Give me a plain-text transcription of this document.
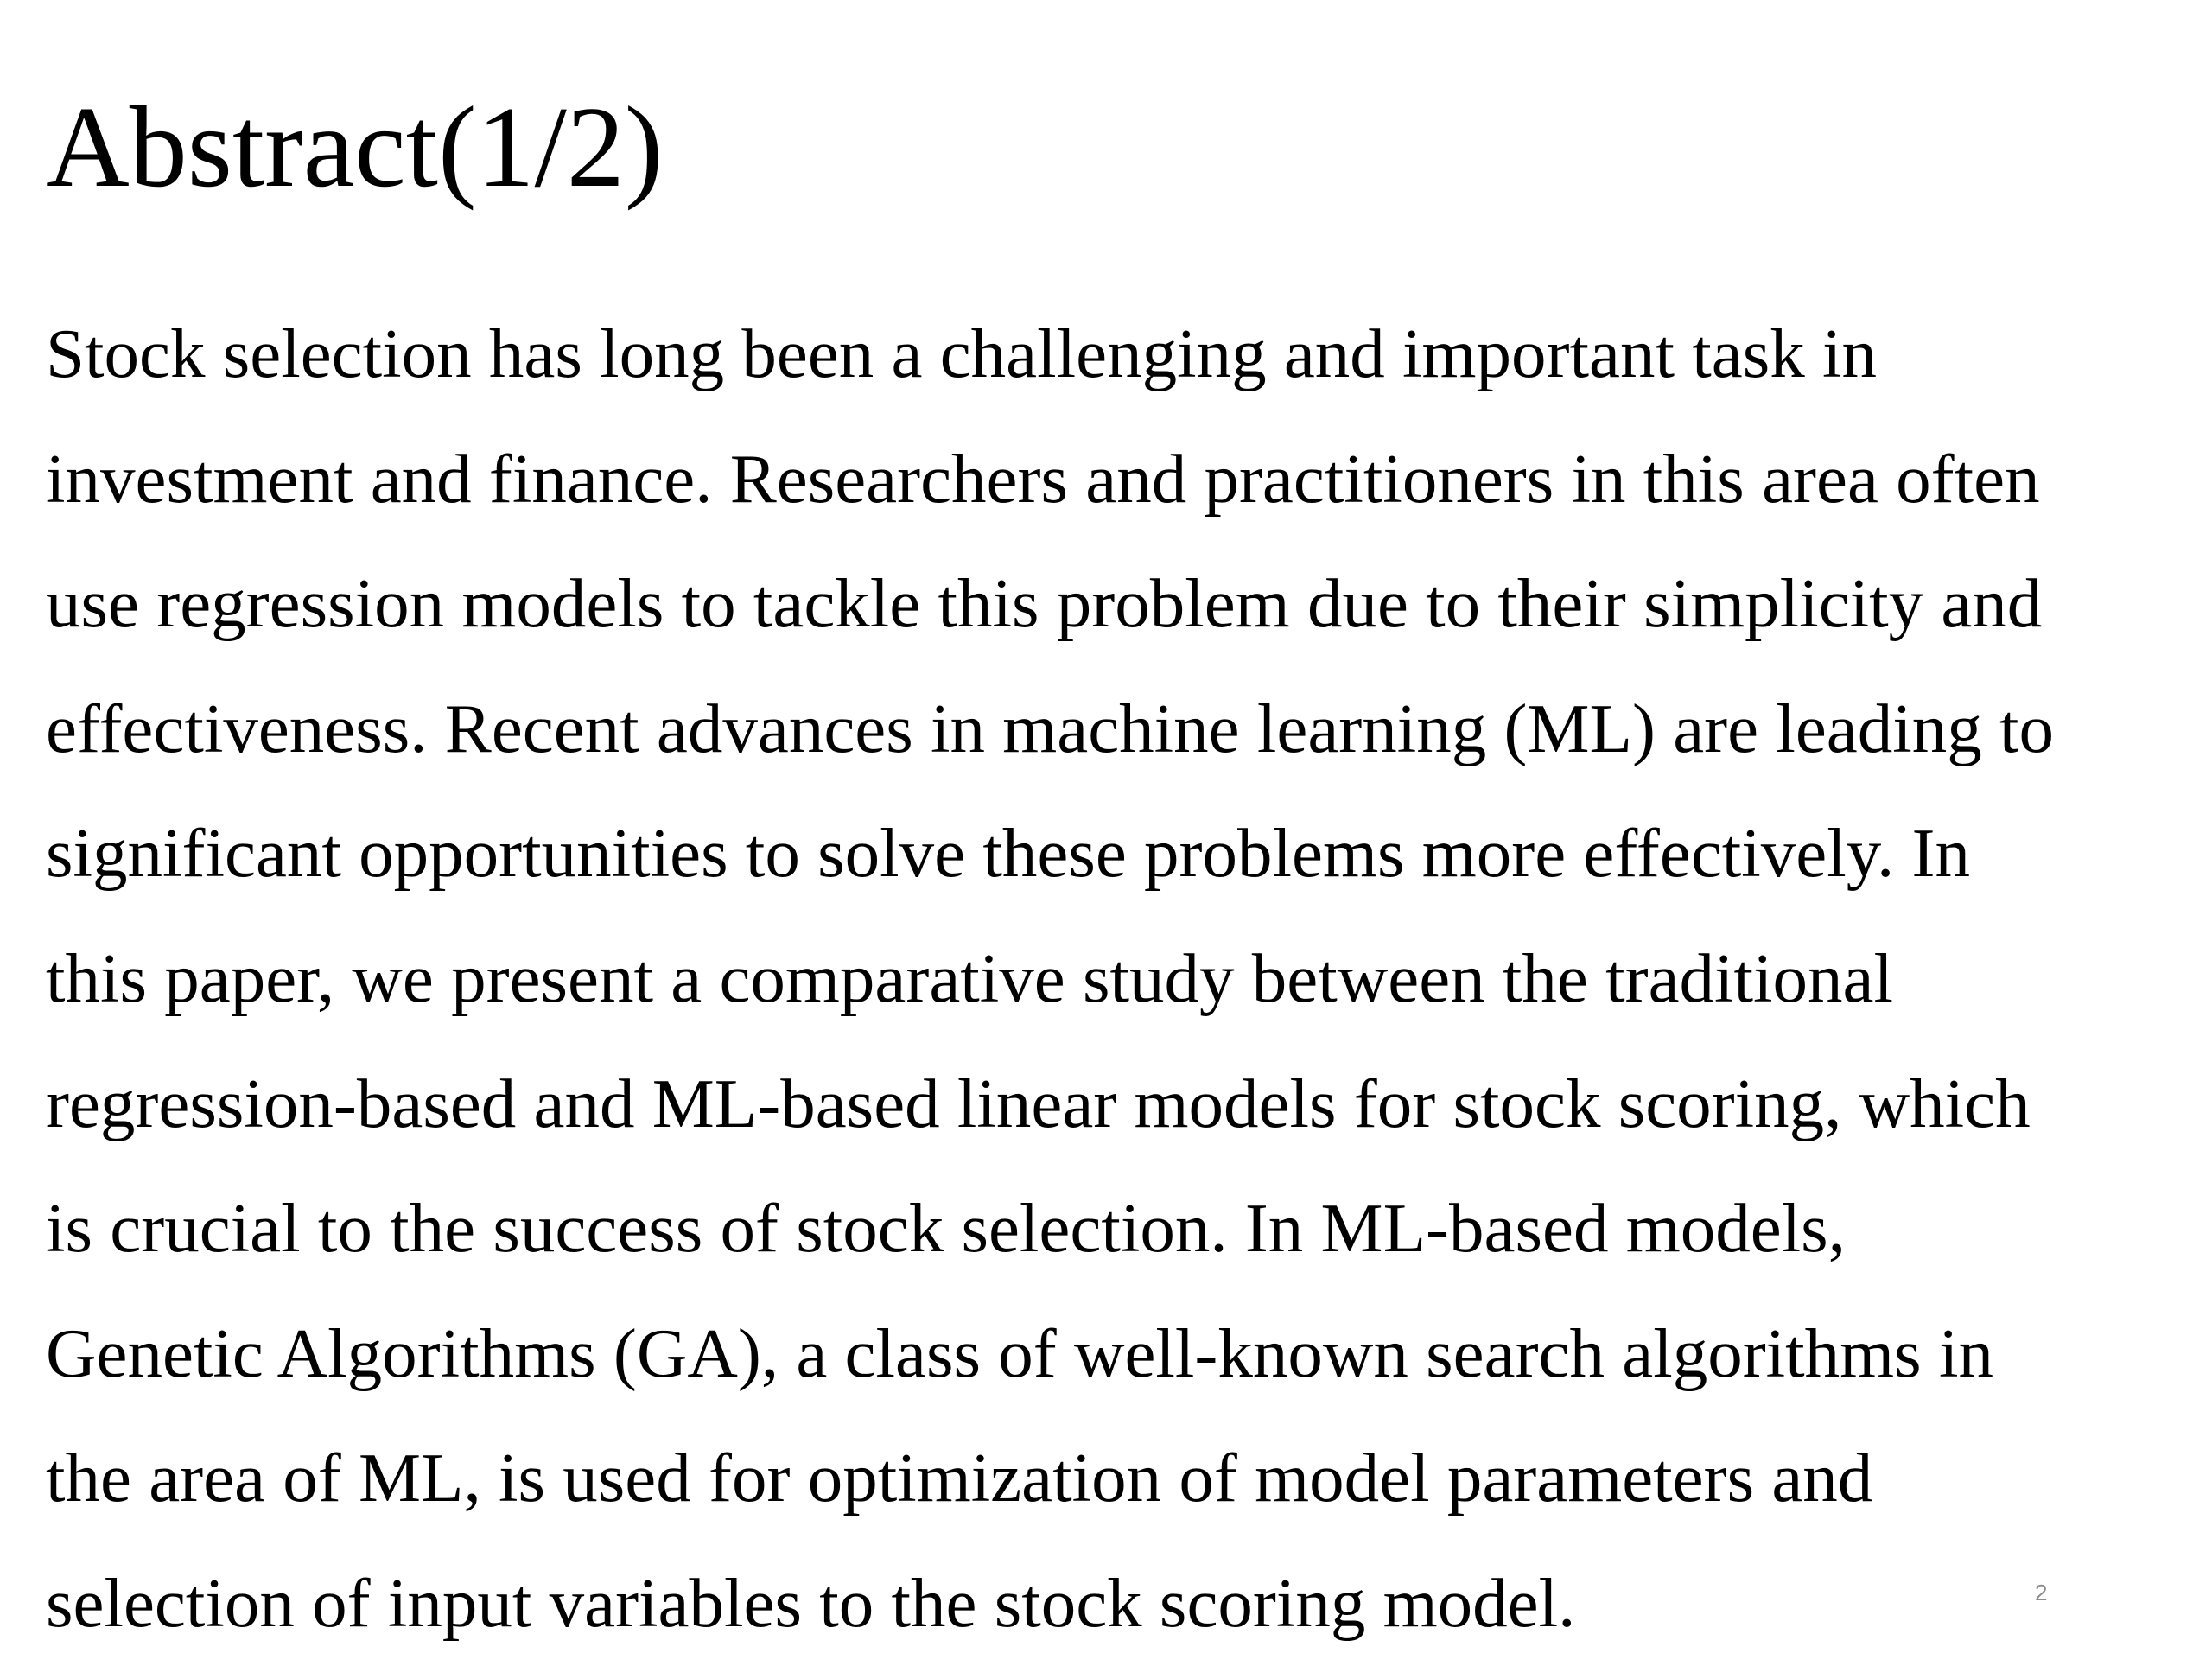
Abstract(1/2)
Stock selection has long been a challenging and important task in
investment and finance. Researchers and practitioners in this area often
use regression models to tackle this problem due to their simplicity and
effectiveness. Recent advances in machine learning (ML) are leading to
significant opportunities to solve these problems more effectively. In
this paper, we present a comparative study between the traditional
regression-based and ML-based linear models for stock scoring, which
is crucial to the success of stock selection. In ML-based models,
Genetic Algorithms (GA), a class of well-known search algorithms in
the area of ML, is used for optimization of model parameters and
selection of input variables to the stock scoring model.	2
